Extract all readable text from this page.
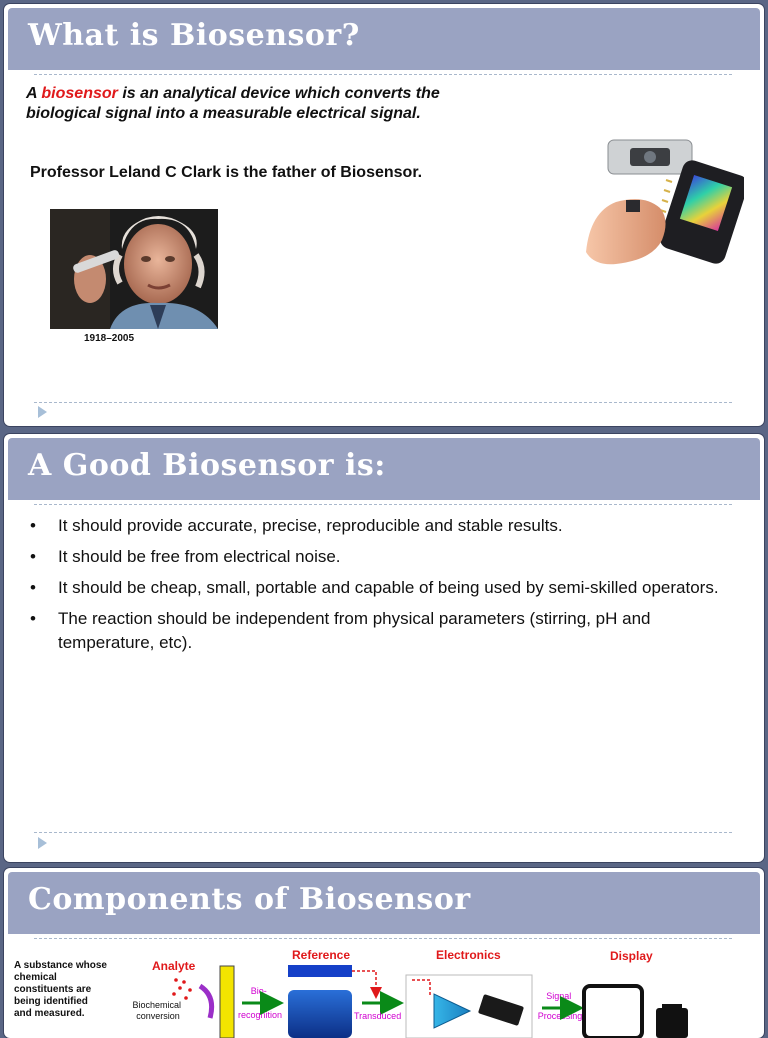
What is Biosensor?
A biosensor is an analytical device which converts the biological signal into a measurable electrical signal.
Professor Leland C Clark is the father of Biosensor.
1918–2005
A Good Biosensor is:
• It should provide accurate, precise, reproducible and stable results.
• It should be free from electrical noise.
• It should be cheap, small, portable and capable of being used by semi-skilled operators.
• The reaction should be independent from physical parameters (stirring, pH and temperature, etc).
Components of Biosensor
A substance whose chemical constituents are being identified and measured.
Analyte
Biochemical conversion
Bio- recognition
Reference
Transduced
Electronics
Signal Processing
Display
